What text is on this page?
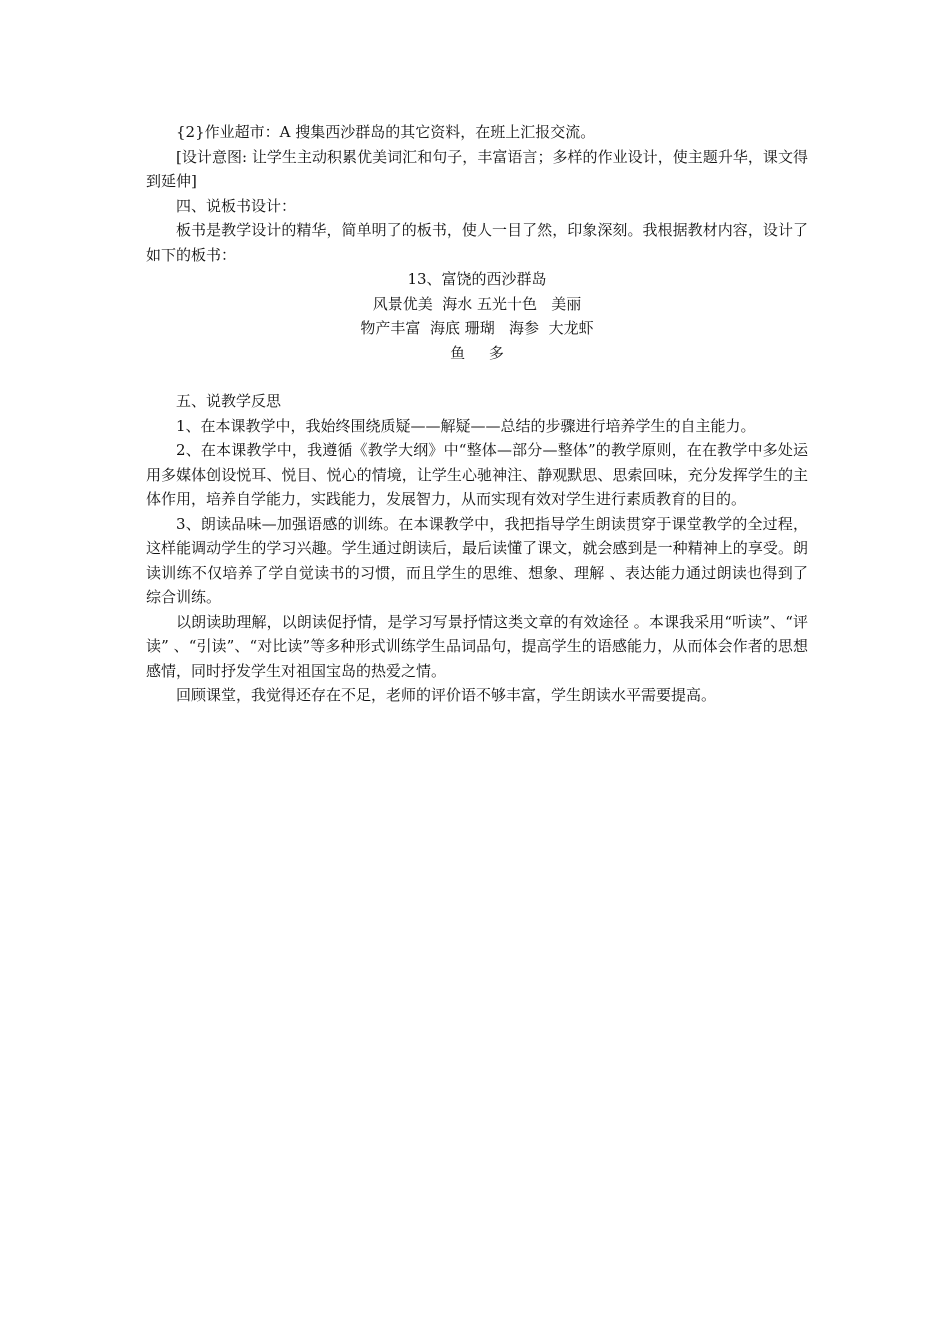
{2}作业超市：A 搜集西沙群岛的其它资料，在班上汇报交流。

[设计意图: 让学生主动积累优美词汇和句子，丰富语言；多样的作业设计，使主题升华，课文得到延伸]

四、说板书设计：

板书是教学设计的精华，简单明了的板书，使人一目了然，印象深刻。我根据教材内容，设计了如下的板书：

13、富饶的西沙群岛
风景优美  海水 五光十色   美丽
物产丰富  海底 珊瑚   海参  大龙虾
鱼     多

五、说教学反思

1、在本课教学中，我始终围绕质疑——解疑——总结的步骤进行培养学生的自主能力。

2、在本课教学中，我遵循《教学大纲》中“整体—部分—整体”的教学原则，在在教学中多处运用多媒体创设悦耳、悦目、悦心的情境，让学生心驰神注、静观默思、思索回味，充分发挥学生的主体作用，培养自学能力，实践能力，发展智力，从而实现有效对学生进行素质教育的目的。

3、朗读品味—加强语感的训练。在本课教学中，我把指导学生朗读贯穿于课堂教学的全过程，这样能调动学生的学习兴趣。学生通过朗读后，最后读懂了课文，就会感到是一种精神上的享受。朗读训练不仅培养了学自觉读书的习惯，而且学生的思维、想象、理解 、表达能力通过朗读也得到了综合训练。

以朗读助理解，以朗读促抒情，是学习写景抒情这类文章的有效途径 。本课我采用“听读”、“评读” 、“引读”、“对比读”等多种形式训练学生品词品句，提高学生的语感能力，从而体会作者的思想感情，同时抒发学生对祖国宝岛的热爱之情。

回顾课堂，我觉得还存在不足，老师的评价语不够丰富，学生朗读水平需要提高。
